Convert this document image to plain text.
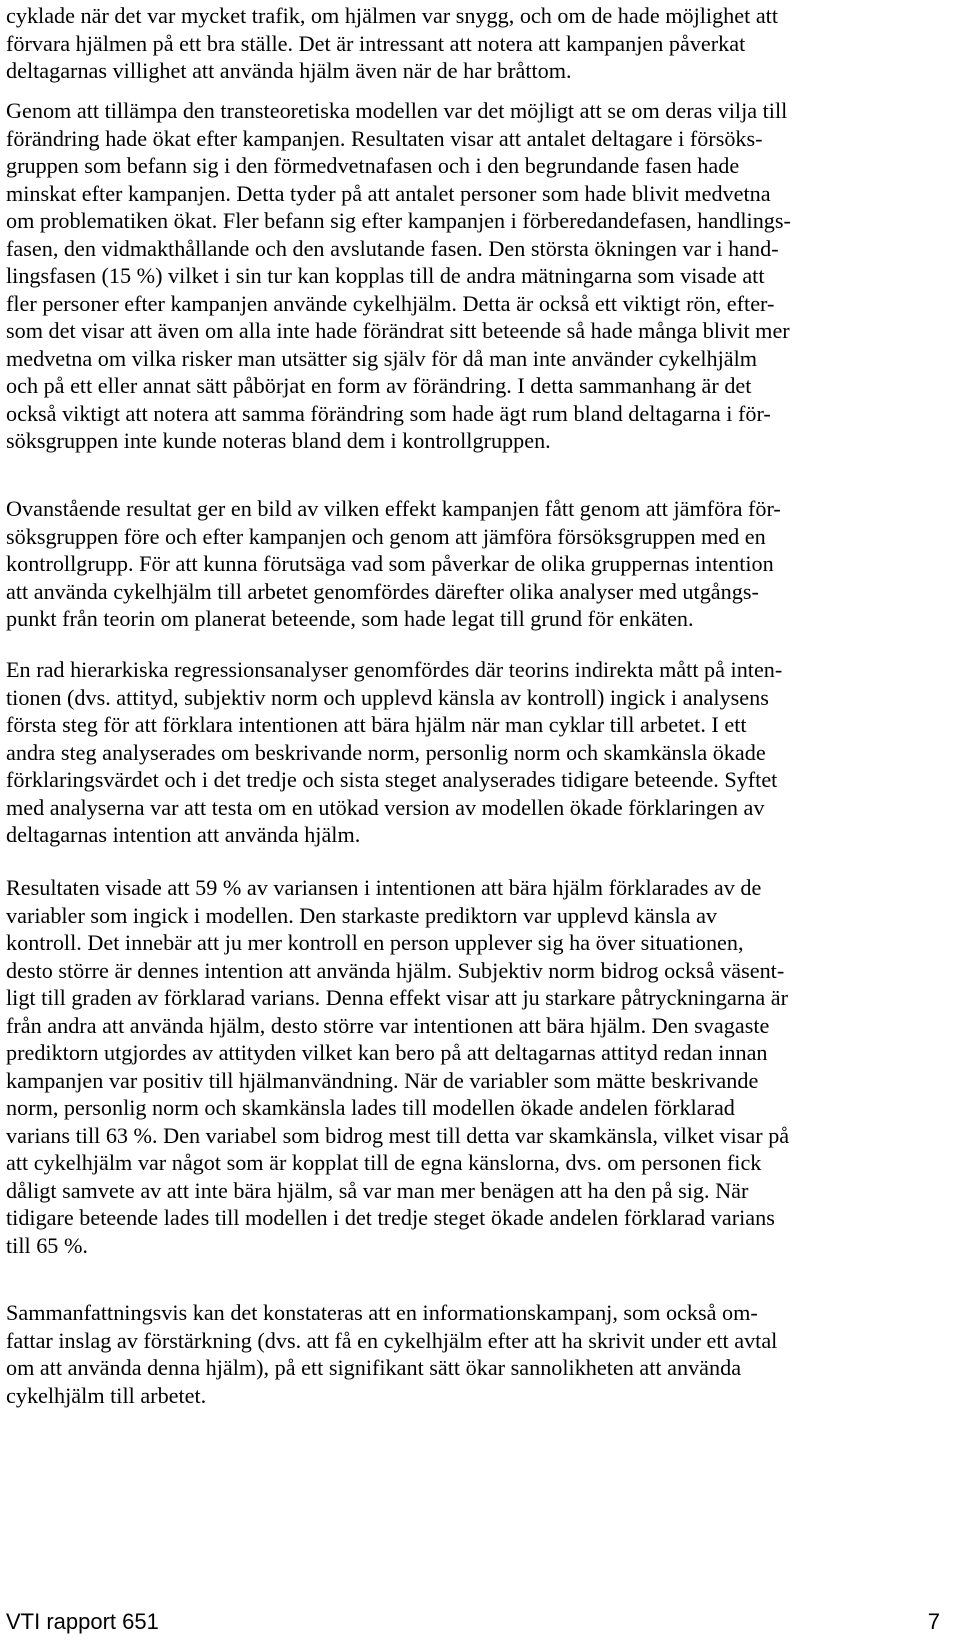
cyklade när det var mycket trafik, om hjälmen var snygg, och om de hade möjlighet att
förvara hjälmen på ett bra ställe. Det är intressant att notera att kampanjen påverkat
deltagarnas villighet att använda hjälm även när de har bråttom.

Genom att tillämpa den transteoretiska modellen var det möjligt att se om deras vilja till
förändring hade ökat efter kampanjen. Resultaten visar att antalet deltagare i försöks-
gruppen som befann sig i den förmedvetnafasen och i den begrundande fasen hade
minskat efter kampanjen. Detta tyder på att antalet personer som hade blivit medvetna
om problematiken ökat. Fler befann sig efter kampanjen i förberedandefasen, handlings-
fasen, den vidmakthållande och den avslutande fasen. Den största ökningen var i hand-
lingsfasen (15 %) vilket i sin tur kan kopplas till de andra mätningarna som visade att
fler personer efter kampanjen använde cykelhjälm. Detta är också ett viktigt rön, efter-
som det visar att även om alla inte hade förändrat sitt beteende så hade många blivit mer
medvetna om vilka risker man utsätter sig själv för då man inte använder cykelhjälm
och på ett eller annat sätt påbörjat en form av förändring. I detta sammanhang är det
också viktigt att notera att samma förändring som hade ägt rum bland deltagarna i för-
söksgruppen inte kunde noteras bland dem i kontrollgruppen.

Ovanstående resultat ger en bild av vilken effekt kampanjen fått genom att jämföra för-
söksgruppen före och efter kampanjen och genom att jämföra försöksgruppen med en
kontrollgrupp. För att kunna förutsäga vad som påverkar de olika gruppernas intention
att använda cykelhjälm till arbetet genomfördes därefter olika analyser med utgångs-
punkt från teorin om planerat beteende, som hade legat till grund för enkäten.

En rad hierarkiska regressionsanalyser genomfördes där teorins indirekta mått på inten-
tionen (dvs. attityd, subjektiv norm och upplevd känsla av kontroll) ingick i analysens
första steg för att förklara intentionen att bära hjälm när man cyklar till arbetet. I ett
andra steg analyserades om beskrivande norm, personlig norm och skamkänsla ökade
förklaringsvärdet och i det tredje och sista steget analyserades tidigare beteende. Syftet
med analyserna var att testa om en utökad version av modellen ökade förklaringen av
deltagarnas intention att använda hjälm.

Resultaten visade att 59 % av variansen i intentionen att bära hjälm förklarades av de
variabler som ingick i modellen. Den starkaste prediktorn var upplevd känsla av
kontroll. Det innebär att ju mer kontroll en person upplever sig ha över situationen,
desto större är dennes intention att använda hjälm. Subjektiv norm bidrog också väsent-
ligt till graden av förklarad varians. Denna effekt visar att ju starkare påtryckningarna är
från andra att använda hjälm, desto större var intentionen att bära hjälm. Den svagaste
prediktorn utgjordes av attityden vilket kan bero på att deltagarnas attityd redan innan
kampanjen var positiv till hjälmanvändning. När de variabler som mätte beskrivande
norm, personlig norm och skamkänsla lades till modellen ökade andelen förklarad
varians till 63 %. Den variabel som bidrog mest till detta var skamkänsla, vilket visar på
att cykelhjälm var något som är kopplat till de egna känslorna, dvs. om personen fick
dåligt samvete av att inte bära hjälm, så var man mer benägen att ha den på sig. När
tidigare beteende lades till modellen i det tredje steget ökade andelen förklarad varians
till 65 %.

Sammanfattningsvis kan det konstateras att en informationskampanj, som också om-
fattar inslag av förstärkning (dvs. att få en cykelhjälm efter att ha skrivit under ett avtal
om att använda denna hjälm), på ett signifikant sätt ökar sannolikheten att använda
cykelhjälm till arbetet.

VTI rapport 651	7
